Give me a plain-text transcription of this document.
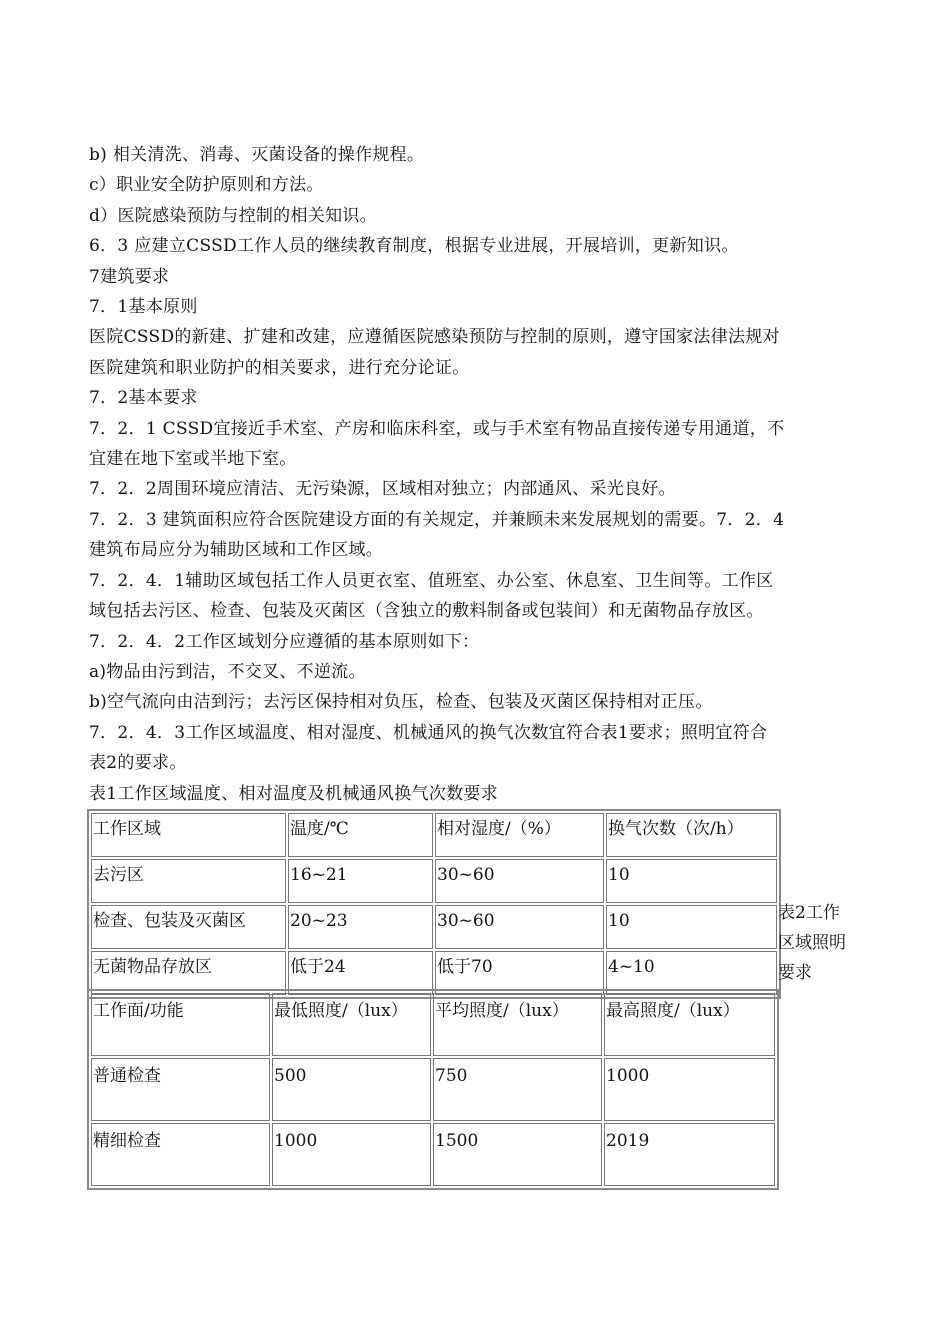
b) 相关清洗、消毒、灭菌设备的操作规程。
c）职业安全防护原则和方法。
d）医院感染预防与控制的相关知识。
6．3 应建立CSSD工作人员的继续教育制度，根据专业进展，开展培训，更新知识。
7建筑要求
7．1基本原则
医院CSSD的新建、扩建和改建，应遵循医院感染预防与控制的原则，遵守国家法律法规对
医院建筑和职业防护的相关要求，进行充分论证。
7．2基本要求
7．2．1 CSSD宜接近手术室、产房和临床科室，或与手术室有物品直接传递专用通道，不
宜建在地下室或半地下室。
7．2．2周围环境应清洁、无污染源，区域相对独立；内部通风、采光良好。
7．2．3 建筑面积应符合医院建设方面的有关规定，并兼顾未来发展规划的需要。7．2．4
建筑布局应分为辅助区域和工作区域。
7．2．4．1辅助区域包括工作人员更衣室、值班室、办公室、休息室、卫生间等。工作区
域包括去污区、检查、包装及灭菌区（含独立的敷料制备或包装间）和无菌物品存放区。
7．2．4．2工作区域划分应遵循的基本原则如下：
a)物品由污到洁，不交叉、不逆流。
b)空气流向由洁到污；去污区保持相对负压，检查、包装及灭菌区保持相对正压。
7．2．4．3工作区域温度、相对湿度、机械通风的换气次数宜符合表1要求；照明宜符合
表2的要求。
表1工作区域温度、相对温度及机械通风换气次数要求
工作区域	温度/℃	相对湿度/（%）	换气次数（次/h）
去污区	16~21	30~60	10
检查、包装及灭菌区	20~23	30~60	10
无菌物品存放区	低于24	低于70	4~10
表2工作区域照明要求
工作面/功能	最低照度/（lux）	平均照度/（lux）	最高照度/（lux）
普通检查	500	750	1000
精细检查	1000	1500	2019
